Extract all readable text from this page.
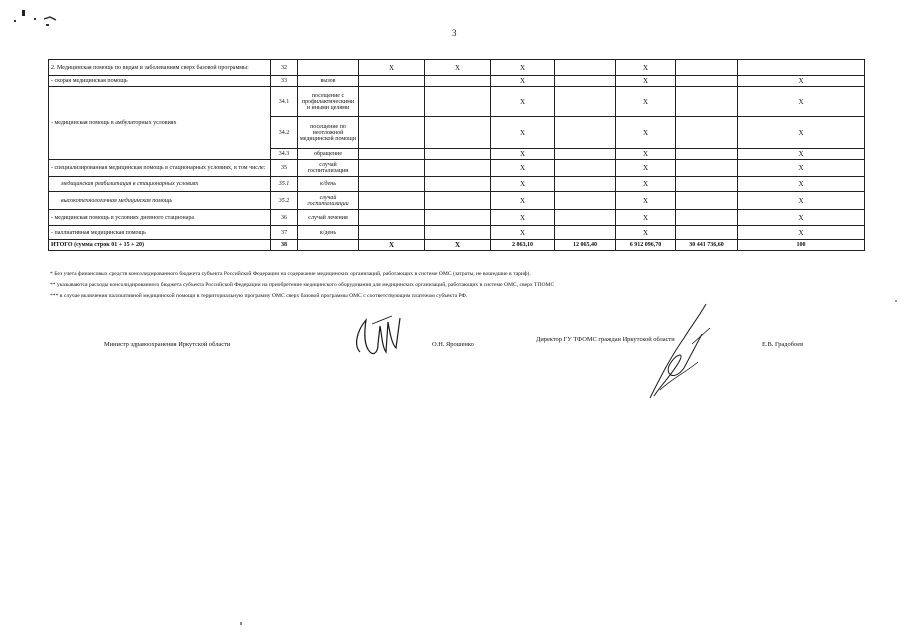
3
2. Медицинская помощь по видам и заболеваниям сверх базовой программы:	32		X	X	X		X		
- скорая медицинская помощь	33	вызов			X		X		X
- медицинская помощь в амбулаторных условиях	34.1	посещение с профилактическими и иными целями			X		X		X
	34.2	посещение по неотложной медицинской помощи			X		X		X
	34.3	обращение			X		X		X
- специализированная медицинская помощь в стационарных условиях, в том числе:	35	случай госпитализации			X		X		X
медицинская реабилитация в стационарных условиях	35.1	к/день			X		X		X
высокотехнологичная медицинская помощь	35.2	случай госпитализации			X		X		X
- медицинская помощь в условиях дневного стационара	36	случай лечения			X		X		X
- паллиативная медицинская помощь	37	к/день			X		X		X
ИТОГО (сумма строк 01 + 15 + 20)	38		X	X	2 863,10	12 065,40	6 912 096,70	30 441 736,60	100
* Без учета финансовых средств консолидированного бюджета субъекта Российской Федерации на содержание медицинских организаций, работающих в системе ОМС (затраты, не вошедшие в тариф).
** указываются расходы консолидированного бюджета субъекта Российской Федерации на приобретение медицинского оборудования для медицинских организаций, работающих в системе ОМС, сверх ТПОМС
*** в случае включения паллиативной медицинской помощи в территориальную программу ОМС сверх базовой программы ОМС с соответствующим платежом субъекта РФ.
Министр здравоохранения Иркутской области	О.Н. Ярошенко
Директор ГУ ТФОМС граждан Иркутской области
Е.В. Градобоев
